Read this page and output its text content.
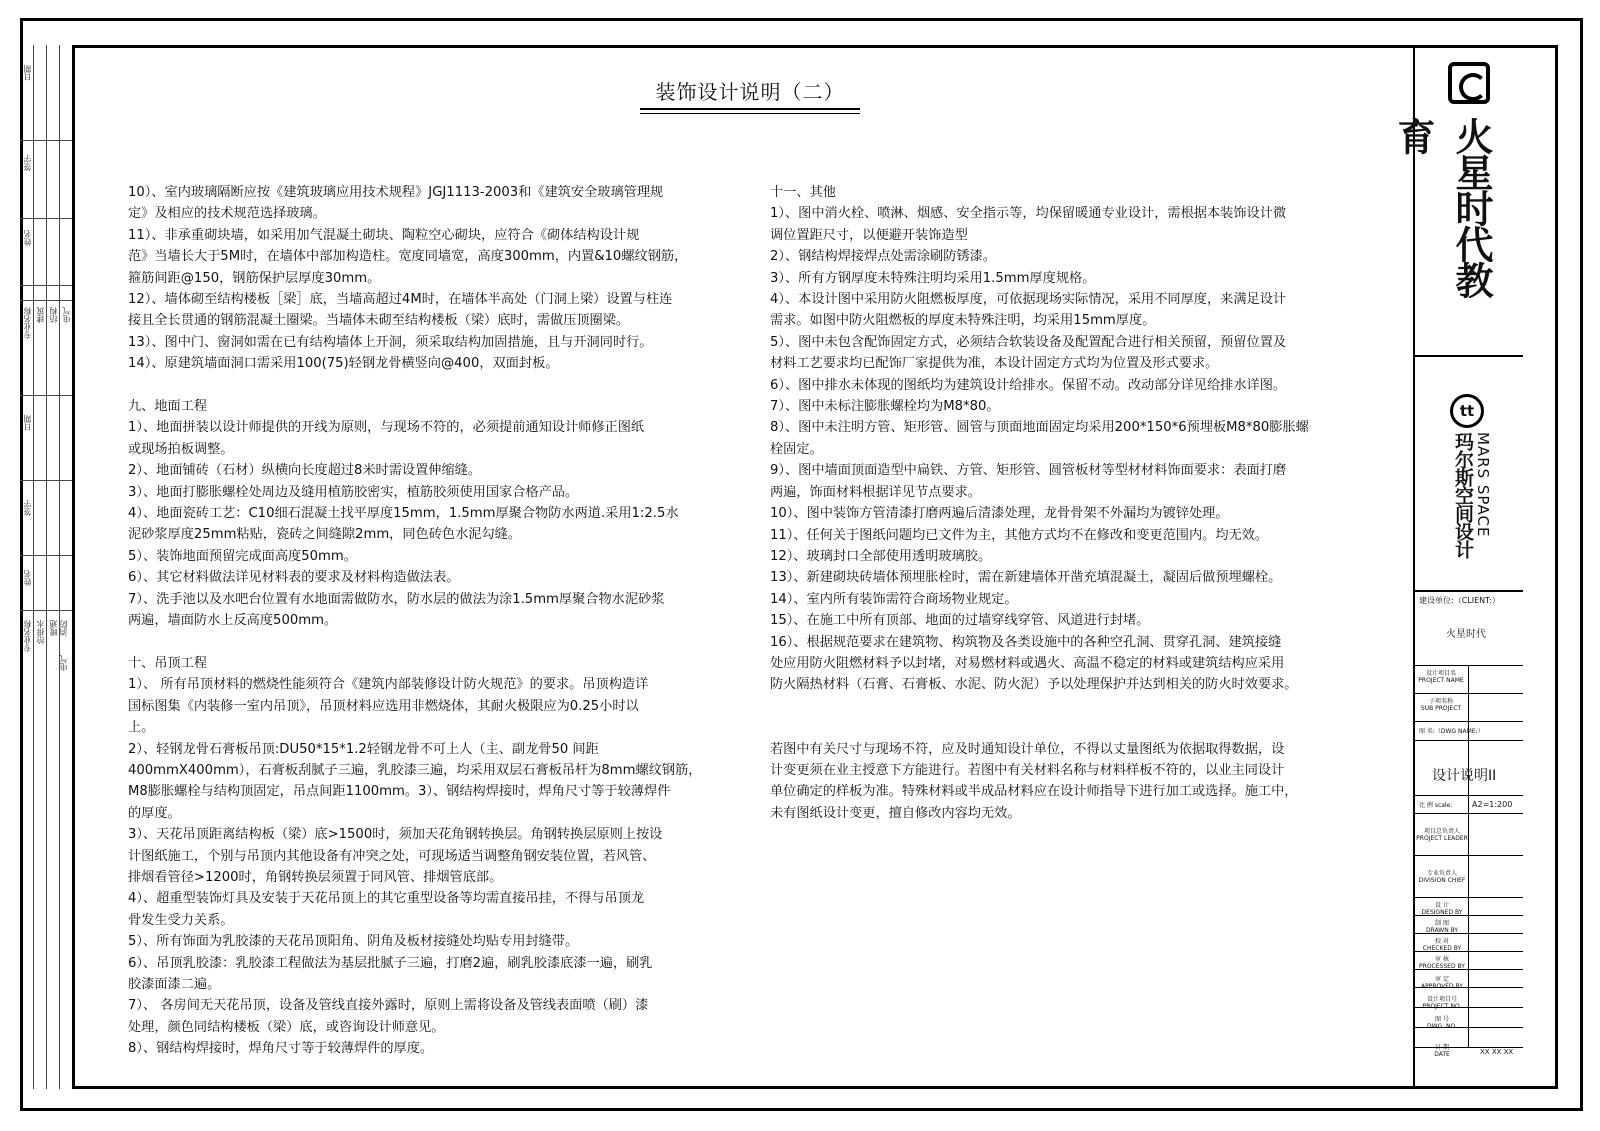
日期
签字
姓名
专业名称 建筑 结构 电气
日期
签字
姓名
专业名称 给排水 暖通 消防
电气
装饰设计说明（二）

10）、室内玻璃隔断应按《建筑玻璃应用技术规程》JGJ1113-2003和《建筑安全玻璃管理规

定》及相应的技术规范选择玻璃。

11）、非承重砌块墙，如采用加气混凝土砌块、陶粒空心砌块，应符合《砌体结构设计规

范》当墙长大于5M时，在墙体中部加构造柱。宽度同墙宽，高度300mm，内置&10螺纹钢筋，

箍筋间距@150，钢筋保护层厚度30mm。

12）、墙体砌至结构楼板［梁］底，当墙高超过4M时，在墙体半高处（门洞上梁）设置与柱连

接且全长贯通的钢筋混凝土圈梁。当墙体未砌至结构楼板（梁）底时，需做压顶圈梁。

13）、图中门、窗洞如需在已有结构墙体上开洞，须采取结构加固措施，且与开洞同时行。

14）、原建筑墙面洞口需采用100(75)轻钢龙骨横竖向@400，双面封板。

九、地面工程

1）、地面拼装以设计师提供的开线为原则，与现场不符的，必须提前通知设计师修正图纸

或现场拍板调整。

2）、地面铺砖（石材）纵横向长度超过8米时需设置伸缩缝。

3）、地面打膨胀螺栓处周边及缝用植筋胶密实，植筋胶须使用国家合格产品。

4）、地面瓷砖工艺：C10细石混凝土找平厚度15mm，1.5mm厚聚合物防水两道.采用1:2.5水

泥砂浆厚度25mm粘贴，瓷砖之间缝隙2mm，同色砖色水泥勾缝。

5）、装饰地面预留完成面高度50mm。

6）、其它材料做法详见材料表的要求及材料构造做法表。

7）、洗手池以及水吧台位置有水地面需做防水，防水层的做法为涂1.5mm厚聚合物水泥砂浆

两遍，墙面防水上反高度500mm。

十、吊顶工程

1）、 所有吊顶材料的燃烧性能须符合《建筑内部装修设计防火规范》的要求。吊顶构造详

国标图集《内装修一室内吊顶》，吊顶材料应选用非燃烧体，其耐火极限应为0.25小时以

上。

2）、轻钢龙骨石膏板吊顶:DU50*15*1.2轻钢龙骨不可上人（主、副龙骨50 间距

400mmX400mm），石膏板刮腻子三遍，乳胶漆三遍，均采用双层石膏板吊杆为8mm螺纹钢筋，

M8膨胀螺栓与结构顶固定，吊点间距1100mm。3）、钢结构焊接时，焊角尺寸等于较薄焊件

的厚度。

3）、天花吊顶距离结构板（梁）底>1500时，须加天花角钢转换层。角钢转换层原则上按设

计图纸施工，个别与吊顶内其他设备有冲突之处，可现场适当调整角钢安装位置，若风管、

排烟看管径>1200时，角钢转换层须置于同风管、排烟管底部。

4）、超重型装饰灯具及安装于天花吊顶上的其它重型设备等均需直接吊挂，不得与吊顶龙

骨发生受力关系。

5）、所有饰面为乳胶漆的天花吊顶阳角、阴角及板材接缝处均贴专用封缝带。

6）、吊顶乳胶漆：乳胶漆工程做法为基层批腻子三遍，打磨2遍，刷乳胶漆底漆一遍，刷乳

胶漆面漆二遍。

7）、 各房间无天花吊顶，设备及管线直接外露时，原则上需将设备及管线表面喷（刷）漆

处理，颜色同结构楼板（梁）底，或咨询设计师意见。

8）、钢结构焊接时，焊角尺寸等于较薄焊件的厚度。

十一、其他

1）、图中消火栓、喷淋、烟感、安全指示等，均保留暖通专业设计，需根据本装饰设计微

调位置距尺寸，以便避开装饰造型

2）、钢结构焊接焊点处需涂刷防锈漆。

3）、所有方钢厚度未特殊注明均采用1.5mm厚度规格。

4）、本设计图中采用防火阻燃板厚度，可依据现场实际情况，采用不同厚度，来满足设计

需求。如图中防火阻燃板的厚度未特殊注明，均采用15mm厚度。

5）、图中未包含配饰固定方式，必须结合软装设备及配置配合进行相关预留，预留位置及

材料工艺要求均已配饰厂家提供为准，本设计固定方式均为位置及形式要求。

6）、图中排水未体现的图纸均为建筑设计给排水。保留不动。改动部分详见给排水详图。

7）、图中未标注膨胀螺栓均为M8*80。

8）、图中未注明方管、矩形管、圆管与顶面地面固定均采用200*150*6预埋板M8*80膨胀螺

栓固定。

9）、图中墙面顶面造型中扁铁、方管、矩形管、圆管板材等型材材料饰面要求：表面打磨

两遍，饰面材料根据详见节点要求。

10）、图中装饰方管清漆打磨两遍后清漆处理，龙骨骨架不外漏均为镀锌处理。

11）、任何关于图纸问题均已文件为主，其他方式均不在修改和变更范围内。均无效。

12）、玻璃封口全部使用透明玻璃胶。

13）、新建砌块砖墙体预埋胀栓时，需在新建墙体开凿充填混凝土，凝固后做预埋螺栓。

14）、室内所有装饰需符合商场物业规定。

15）、在施工中所有顶部、地面的过墙穿线穿管、风道进行封堵。

16）、根据规范要求在建筑物、构筑物及各类设施中的各种空孔洞、贯穿孔洞、建筑接缝

处应用防火阻燃材料予以封堵，对易燃材料或遇火、高温不稳定的材料或建筑结构应采用

防火隔热材料（石膏、石膏板、水泥、防火泥）予以处理保护并达到相关的防火时效要求。

若图中有关尺寸与现场不符，应及时通知设计单位，不得以丈量图纸为依据取得数据，设

计变更须在业主授意下方能进行。若图中有关材料名称与材料样板不符的，以业主同设计

单位确定的样板为准。特殊材料或半成品材料应在设计师指导下进行加工或选择。施工中，

未有图纸设计变更，擅自修改内容均无效。

火星时代教育
tt
MARS SPACE
玛尔斯空间设计
建设单位:（CLIENT:）
火星时代
设计项目名
PROJECT NAME
子项名称
SUB PROJECT
图 名:（DWG NAME:）
设计说明II
比 例 scale: A2=1:200
项目总负责人
PROJECT LEADER
专业负责人
DIVISION CHIEF
设 计
DESIGNED BY
制 图
DRAWN BY
校 对
CHECKED BY
审 核
PROCESSED BY
审 定
APPROVED BY
设计项目号
PROJECT NO.
图 号
DWG. NO.
日 期
DATE	XX XX XX
